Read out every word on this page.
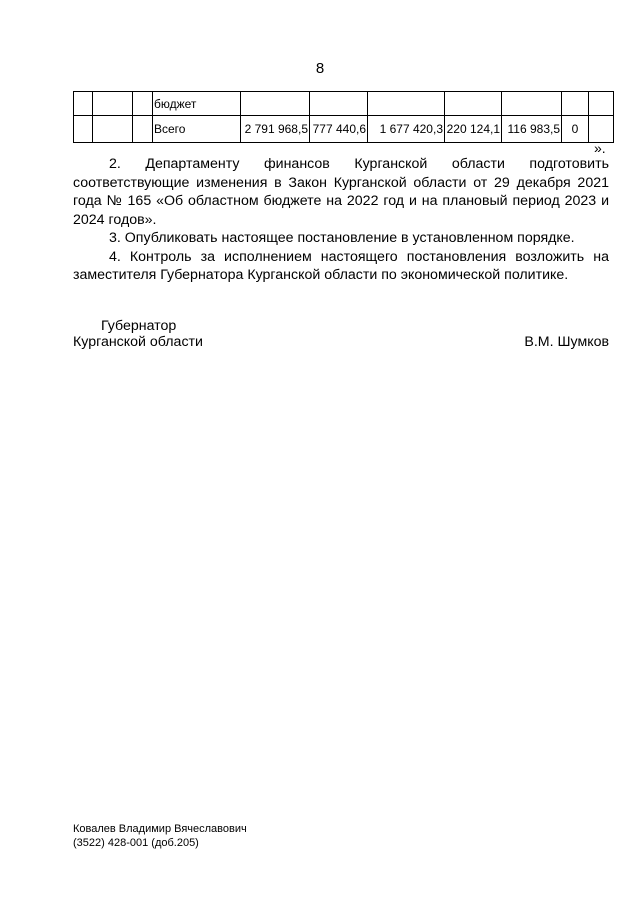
8
			бюджет							
			Всего	2 791 968,5	777 440,6	1 677 420,3	220 124,1	116 983,5	0	
».

2. Департаменту финансов Курганской области подготовить соответствующие изменения в Закон Курганской области от 29 декабря 2021 года № 165 «Об областном бюджете на 2022 год и на плановый период 2023 и 2024 годов».

3. Опубликовать настоящее постановление в установленном порядке.

4. Контроль за исполнением настоящего постановления возложить на заместителя Губернатора Курганской области по экономической политике.

Губернатор
Курганской области	В.М. Шумков
Ковалев Владимир Вячеславович
(3522) 428-001 (доб.205)
